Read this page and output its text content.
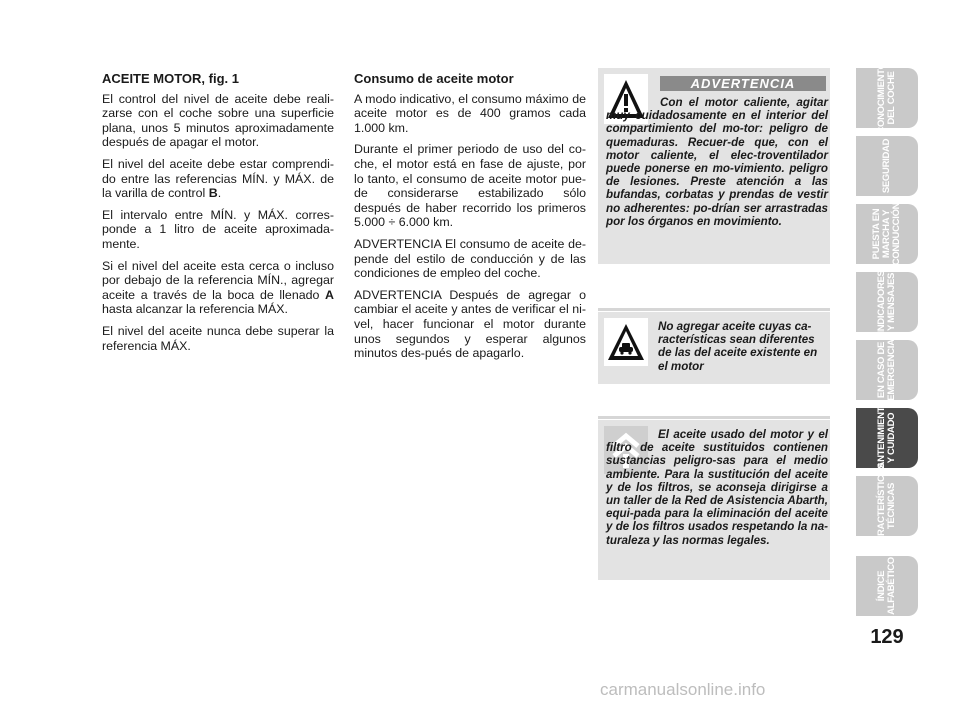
ACEITE MOTOR, fig. 1

El control del nivel de aceite debe reali-zarse con el coche sobre una superficie plana, unos 5 minutos aproximadamente después de apagar el motor.

El nivel del aceite debe estar comprendi-do entre las referencias MÍN. y MÁX. de la varilla de control B.

El intervalo entre MÍN. y MÁX. corres-ponde a 1 litro de aceite aproximada-mente.

Si el nivel del aceite esta cerca o incluso por debajo de la referencia MÍN., agregar aceite a través de la boca de llenado A hasta alcanzar la referencia MÁX.

El nivel del aceite nunca debe superar la referencia MÁX.

Consumo de aceite motor

A modo indicativo, el consumo máximo de aceite motor es de 400 gramos cada 1.000 km.

Durante el primer periodo de uso del co-che, el motor está en fase de ajuste, por lo tanto, el consumo de aceite motor pue-de considerarse estabilizado sólo después de haber recorrido los primeros 5.000 ÷ 6.000 km.

ADVERTENCIA El consumo de aceite de-pende del estilo de conducción y de las condiciones de empleo del coche.

ADVERTENCIA Después de agregar o cambiar el aceite y antes de verificar el ni-vel, hacer funcionar el motor durante unos segundos y esperar algunos minutos des-pués de apagarlo.

ADVERTENCIA
Con el motor caliente, agitar muy cuidadosamente en el interior del compartimiento del mo-tor: peligro de quemaduras. Recuer-de que, con el motor caliente, el elec-troventilador puede ponerse en mo-vimiento. peligro de lesiones. Preste atención a las bufandas, corbatas y prendas de vestir no adherentes: po-drían ser arrastradas por los órganos en movimiento.
No agregar aceite cuyas ca-racterísticas sean diferentes de las del aceite existente en el motor
El aceite usado del motor y el filtro de aceite sustituidos contienen sustancias peligro-sas para el medio ambiente. Para la sustitución del aceite y de los filtros, se aconseja dirigirse a un taller de la Red de Asistencia Abarth, equi-pada para la eliminación del aceite y de los filtros usados respetando la na-turaleza y las normas legales.
CONOCIMIENTO
DEL COCHE
SEGURIDAD
PUESTA EN
MARCHA Y
CONDUCCIÓN
INDICADORES
Y MENSAJES
EN CASO DE
EMERGENCIA
MANTENIMIENTO
Y CUIDADO
CARACTERÍSTICAS
TÉCNICAS
ÍNDICE
ALFABÉTICO
129
carmanualsonline.info
